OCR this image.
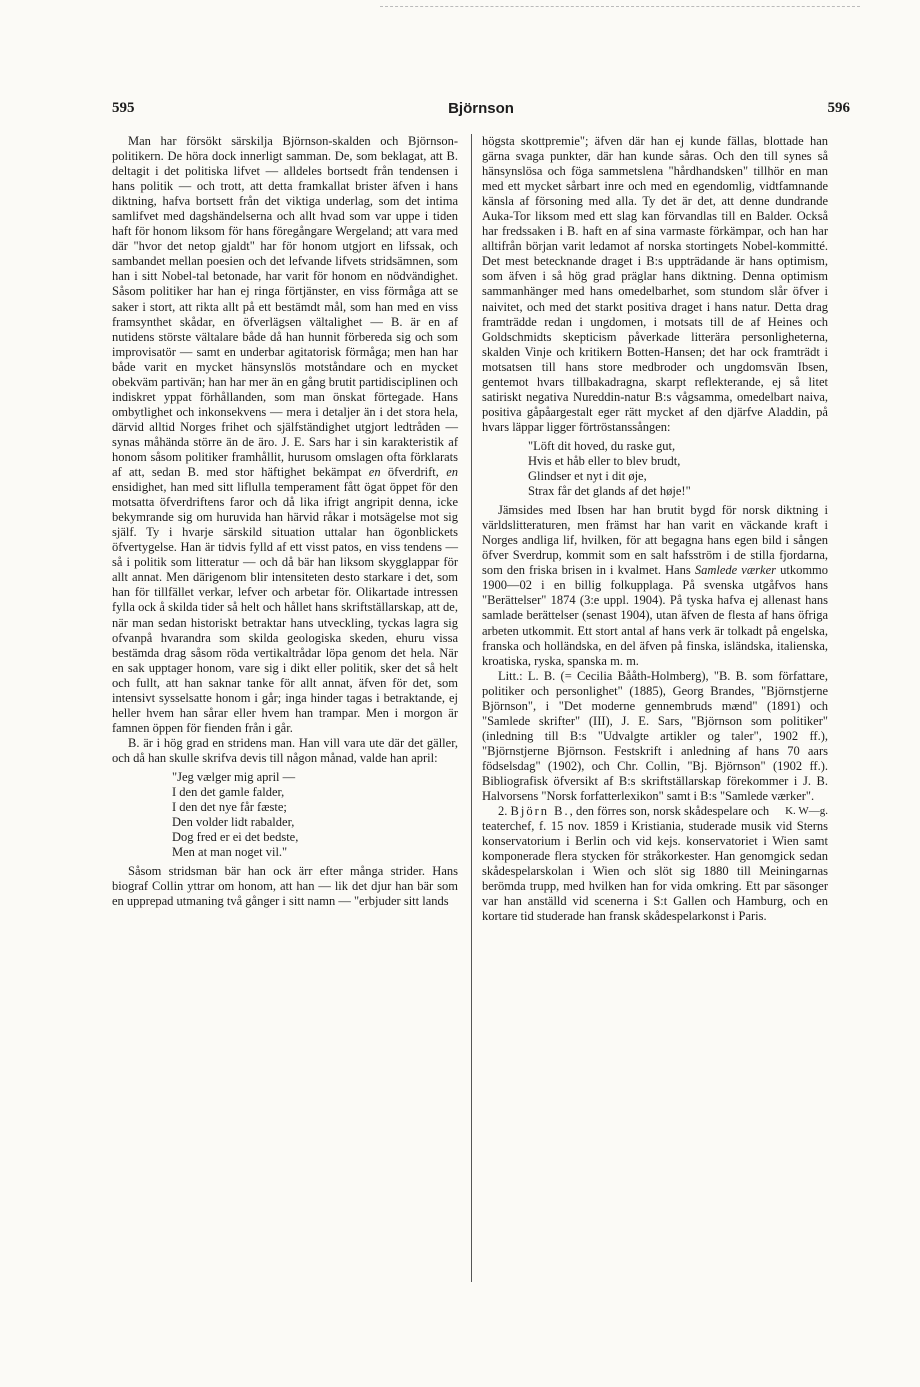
595	Björnson	596

Man har försökt särskilja Björnson-skalden och Björnson-politikern. De höra dock innerligt samman. De, som beklagat, att B. deltagit i det politiska lifvet — alldeles bortsedt från tendensen i hans politik — och trott, att detta framkallat brister äfven i hans diktning, hafva bortsett från det viktiga underlag, som det intima samlifvet med dagshändelserna och allt hvad som var uppe i tiden haft för honom liksom för hans föregångare Wergeland; att vara med där "hvor det netop gjaldt" har för honom utgjort en lifssak, och sambandet mellan poesien och det lefvande lifvets stridsämnen, som han i sitt Nobel-tal betonade, har varit för honom en nödvändighet. Såsom politiker har han ej ringa förtjänster, en viss förmåga att se saker i stort, att rikta allt på ett bestämdt mål, som han med en viss framsynthet skådar, en öfverlägsen vältalighet — B. är en af nutidens störste vältalare både då han hunnit förbereda sig och som improvisatör — samt en underbar agitatorisk förmåga; men han har både varit en mycket hänsynslös motståndare och en mycket obekväm partivän; han har mer än en gång brutit partidisciplinen och indiskret yppat förhållanden, som man önskat förtegade. Hans ombytlighet och inkonsekvens — mera i detaljer än i det stora hela, därvid alltid Norges frihet och själfständighet utgjort ledtråden — synas måhända större än de äro. J. E. Sars har i sin karakteristik af honom såsom politiker framhållit, hurusom omslagen ofta förklarats af att, sedan B. med stor häftighet bekämpat en öfverdrift, en ensidighet, han med sitt liflulla temperament fått ögat öppet för den motsatta öfverdriftens faror och då lika ifrigt angripit denna, icke bekymrande sig om huruvida han härvid råkar i motsägelse mot sig själf. Ty i hvarje särskild situation uttalar han ögonblickets öfvertygelse. Han är tidvis fylld af ett visst patos, en viss tendens — så i politik som litteratur — och då bär han liksom skygglappar för allt annat. Men därigenom blir intensiteten desto starkare i det, som han för tillfället verkar, lefver och arbetar för. Olikartade intressen fylla ock å skilda tider så helt och hållet hans skriftställarskap, att de, när man sedan historiskt betraktar hans utveckling, tyckas lagra sig ofvanpå hvarandra som skilda geologiska skeden, ehuru vissa bestämda drag såsom röda vertikaltrådar löpa genom det hela. När en sak upptager honom, vare sig i dikt eller politik, sker det så helt och fullt, att han saknar tanke för allt annat, äfven för det, som intensivt sysselsatte honom i går; inga hinder tagas i betraktande, ej heller hvem han sårar eller hvem han trampar. Men i morgon är famnen öppen för fienden från i går.

B. är i hög grad en stridens man. Han vill vara ute där det gäller, och då han skulle skrifva devis till någon månad, valde han april:

"Jeg vælger mig april —
I den det gamle falder,
I den det nye får fæste;
Den volder lidt rabalder,
Dog fred er ei det bedste,
Men at man noget vil."

Såsom stridsman bär han ock ärr efter många strider. Hans biograf Collin yttrar om honom, att han — lik det djur han bär som en upprepad utmaning två gånger i sitt namn — "erbjuder sitt lands

högsta skottpremie"; äfven där han ej kunde fällas, blottade han gärna svaga punkter, där han kunde såras. Och den till synes så hänsynslösa och föga sammetslena "hårdhandsken" tillhör en man med ett mycket sårbart inre och med en egendomlig, vidtfamnande känsla af försoning med alla. Ty det är det, att denne dundrande Auka-Tor liksom med ett slag kan förvandlas till en Balder. Också har fredssaken i B. haft en af sina varmaste förkämpar, och han har alltifrån början varit ledamot af norska stortingets Nobel-kommitté. Det mest betecknande draget i B:s uppträdande är hans optimism, som äfven i så hög grad präglar hans diktning. Denna optimism sammanhänger med hans omedelbarhet, som stundom slår öfver i naivitet, och med det starkt positiva draget i hans natur. Detta drag framträdde redan i ungdomen, i motsats till de af Heines och Goldschmidts skepticism påverkade litterära personligheterna, skalden Vinje och kritikern Botten-Hansen; det har ock framträdt i motsatsen till hans store medbroder och ungdomsvän Ibsen, gentemot hvars tillbakadragna, skarpt reflekterande, ej så litet satiriskt negativa Nureddin-natur B:s vågsamma, omedelbart naiva, positiva gåpåargestalt eger rätt mycket af den djärfve Aladdin, på hvars läppar ligger förtröstanssången:

"Löft dit hoved, du raske gut,
Hvis et håb eller to blev brudt,
Glindser et nyt i dit øje,
Strax får det glands af det høje!"

Jämsides med Ibsen har han brutit bygd för norsk diktning i världslitteraturen, men främst har han varit en väckande kraft i Norges andliga lif, hvilken, för att begagna hans egen bild i sången öfver Sverdrup, kommit som en salt hafsström i de stilla fjordarna, som den friska brisen in i kvalmet. Hans Samlede værker utkommo 1900—02 i en billig folkupplaga. På svenska utgåfvos hans "Berättelser" 1874 (3:e uppl. 1904). På tyska hafva ej allenast hans samlade berättelser (senast 1904), utan äfven de flesta af hans öfriga arbeten utkommit. Ett stort antal af hans verk är tolkadt på engelska, franska och holländska, en del äfven på finska, isländska, italienska, kroatiska, ryska, spanska m. m.

Litt.: L. B. (= Cecilia Bååth-Holmberg), "B. B. som författare, politiker och personlighet" (1885), Georg Brandes, "Björnstjerne Björnson", i "Det moderne gennembruds mænd" (1891) och "Samlede skrifter" (III), J. E. Sars, "Björnson som politiker" (inledning till B:s "Udvalgte artikler og taler", 1902 ff.), "Björnstjerne Björnson. Festskrift i anledning af hans 70 aars födselsdag" (1902), och Chr. Collin, "Bj. Björnson" (1902 ff.). Bibliografisk öfversikt af B:s skriftställarskap förekommer i J. B. Halvorsens "Norsk forfatterlexikon" samt i B:s "Samlede værker".
K. W—g.

2. Björn B., den förres son, norsk skådespelare och teaterchef, f. 15 nov. 1859 i Kristiania, studerade musik vid Sterns konservatorium i Berlin och vid kejs. konservatoriet i Wien samt komponerade flera stycken för stråkorkester. Han genomgick sedan skådespelarskolan i Wien och slöt sig 1880 till Meiningarnas berömda trupp, med hvilken han for vida omkring. Ett par säsonger var han anställd vid scenerna i S:t Gallen och Hamburg, och en kortare tid studerade han fransk skådespelarkonst i Paris.
